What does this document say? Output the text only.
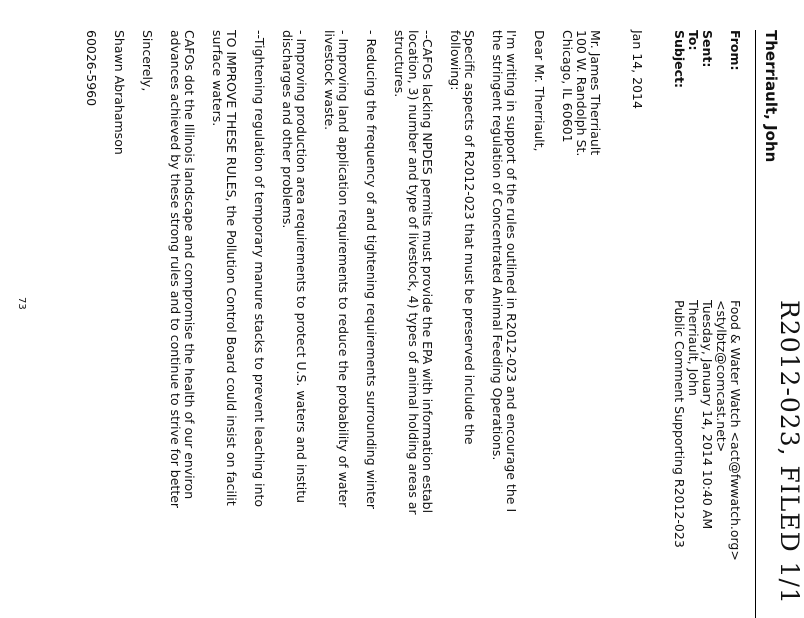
R2012-023, FILED 1/1
Therriault, John
From:
Food & Water Watch <act@fwwatch.org>
<stylbtz@comcast.net>
Sent:
Tuesday, January 14, 2014 10:40 AM
To:
Therriault, John
Subject:
Public Comment Supporting R2012-023
Jan 14, 2014
Mr. James Therriault
100 W. Randolph St.
Chicago, IL 60601
Dear Mr. Therriault,
I'm writing in support of the rules outlined in R2012-023 and encourage the I
the stringent regulation of Concentrated Animal Feeding Operations.
Specific aspects of R2012-023 that must be preserved include the
following:
--CAFOs lacking NPDES permits must provide the EPA with information establ
location, 3) number and type of livestock, 4) types of animal holding areas ar
structures.
- Reducing the frequency of and tightening requirements surrounding winter
- Improving land application requirements to reduce the probability of water
livestock waste.
- Improving production area requirements to protect U.S. waters and institu
discharges and other problems.
--Tightening regulation of temporary manure stacks to prevent leaching into
TO IMPROVE THESE RULES, the Pollution Control Board could insist on facilit
surface waters.
CAFOs dot the Illinois landscape and compromise the health of our environ
advances achieved by these strong rules and to continue to strive for better
Sincerely,
Shawn Abrahamson
60026-5960
73
